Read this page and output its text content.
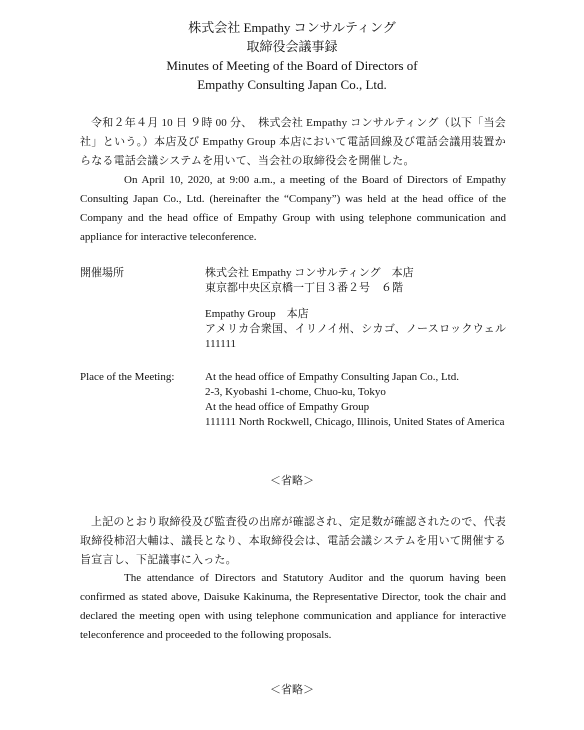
株式会社 Empathy コンサルティング
取締役会議事録
Minutes of Meeting of the Board of Directors of
Empathy Consulting Japan Co., Ltd.
令和２年４月 10 日 ９時 00 分、　株式会社 Empathy コンサルティング（以下「当会社」という。）本店及び Empathy Group 本店において電話回線及び電話会議用装置からなる電話会議システムを用いて、当会社の取締役会を開催した。
On April 10, 2020, at 9:00 a.m., a meeting of the Board of Directors of Empathy Consulting Japan Co., Ltd. (hereinafter the “Company”) was held at the head office of the Company and the head office of Empathy Group with using telephone communication and appliance for interactive teleconference.
開催場所	株式会社 Empathy コンサルティング　本店
東京都中央区京橋一丁目３番２号　６階
Empathy Group　本店
アメリカ合衆国、イリノイ州、シカゴ、ノースロックウェル 111111
Place of the Meeting:	At the head office of Empathy Consulting Japan Co., Ltd.
2-3, Kyobashi 1-chome, Chuo-ku, Tokyo
At the head office of Empathy Group
111111 North Rockwell, Chicago, Illinois, United States of America
＜省略＞
上記のとおり取締役及び監査役の出席が確認され、定足数が確認されたので、代表取締役柿沼大輔は、議長となり、本取締役会は、電話会議システムを用いて開催する旨宣言し、下記議事に入った。
The attendance of Directors and Statutory Auditor and the quorum having been confirmed as stated above, Daisuke Kakinuma, the Representative Director, took the chair and declared the meeting open with using telephone communication and appliance for interactive teleconference and proceeded to the following proposals.
＜省略＞
